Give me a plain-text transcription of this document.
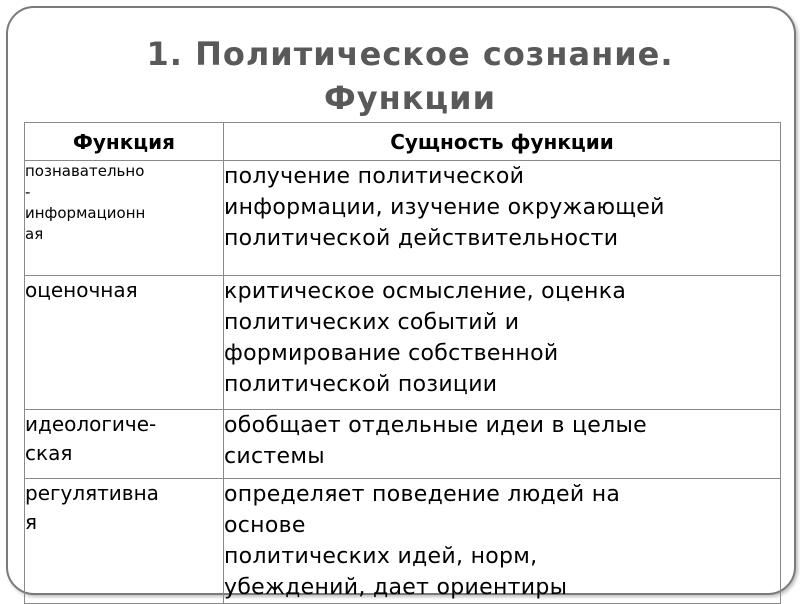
1. Политическое сознание.
Функции
Функция	Сущность функции

познавательно
-
информационн
ая	получение политической
информации, изучение окружающей
политической действительности

оценочная	критическое осмысление, оценка
политических событий и
формирование собственной
политической позиции

идеологиче-
ская	обобщает отдельные идеи в целые
системы

регулятивна
я	определяет поведение людей на
основе
политических идей, норм,
убеждений, дает ориентиры
